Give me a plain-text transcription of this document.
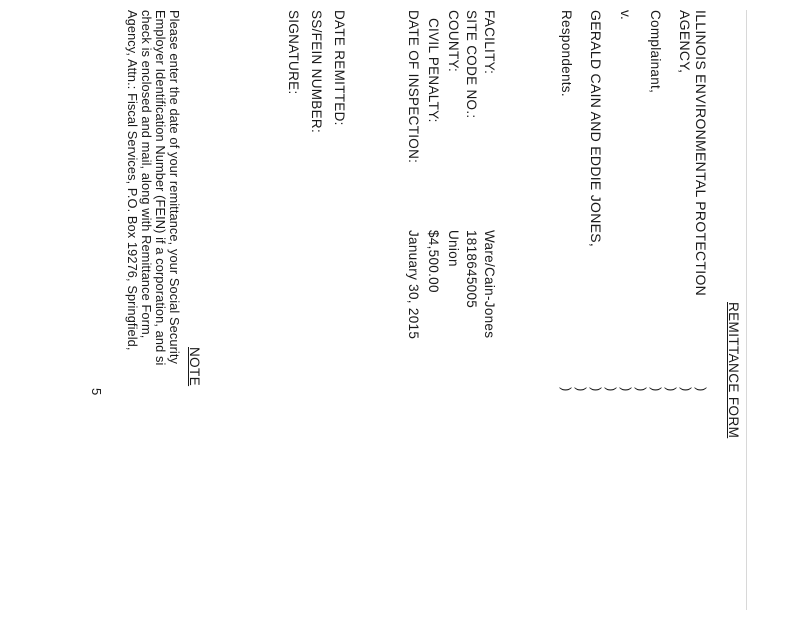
REMITTANCE FORM
ILLINOIS ENVIRONMENTAL PROTECTION
AGENCY,
Complainant,
v.
GERALD CAIN AND EDDIE JONES,
Respondents.
)
)
)
)
)
)
)
)
)
)
FACILITY:
Ware/Cain-Jones
SITE CODE NO.:
1818645005
COUNTY:
Union
CIVIL PENALTY:
$4,500.00
DATE OF INSPECTION:
January 30, 2015
DATE REMITTED:
SS/FEIN NUMBER:
SIGNATURE:
NOTE
Please enter the date of your remittance, your Social Security
Employer Identification Number (FEIN) if a corporation, and si
check is enclosed and mail, along with Remittance Form,
Agency, Attn.: Fiscal Services, P.O. Box 19276, Springfield,
5
